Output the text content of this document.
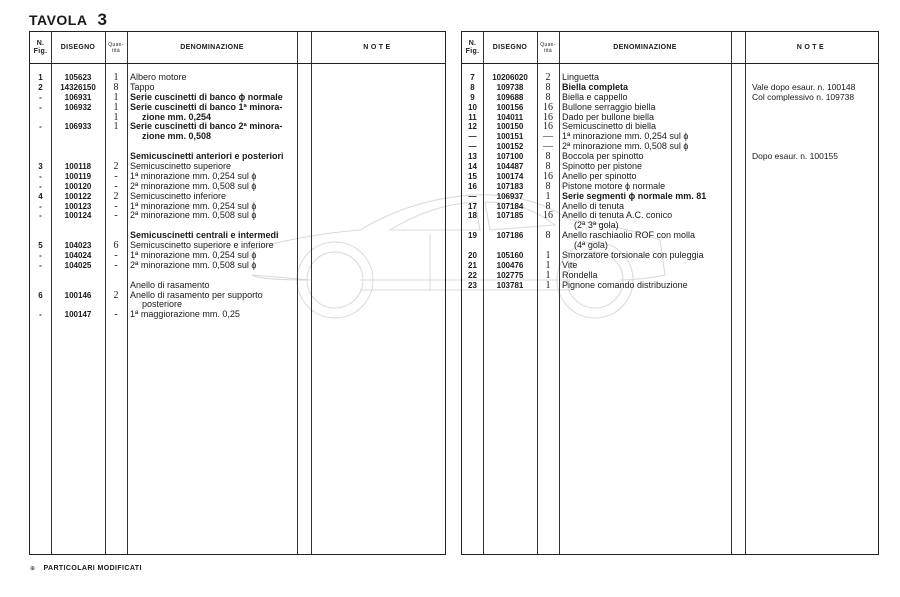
TAVOLA 3
N.
Fig.
DISEGNO	Quan-
tità	DENOMINAZIONE	NOTE
1	105623	1	Albero motore
2	14326150	8	Tappo
-	106931	1	Serie cuscinetti di banco ϕ normale
-	106932	1	Serie cuscinetti di banco 1ª minora-
1	zione mm. 0,254
-	106933	1	Serie cuscinetti di banco 2ª minora-
zione mm. 0,508
Semicuscinetti anteriori e posteriori
3	100118	2	Semicuscinetto superiore
-	100119	-	1ª minorazione mm. 0,254 sul ϕ
-	100120	-	2ª minorazione mm. 0,508 sul ϕ
4	100122	2	Semicuscinetto inferiore
-	100123	-	1ª minorazione mm. 0,254 sul ϕ
-	100124	-	2ª minorazione mm. 0,508 sul ϕ
Semicuscinetti centrali e intermedi
5	104023	6	Semicuscinetto superiore e inferiore
-	104024	-	1ª minorazione mm. 0,254 sul ϕ
-	104025	-	2ª minorazione mm. 0,508 sul ϕ
Anello di rasamento
6	100146	2	Anello di rasamento per supporto
posteriore
-	100147	-	1ª maggiorazione mm. 0,25
N.
Fig.
DISEGNO	Quan-
tità	DENOMINAZIONE	NOTE
7	10206020	2	Linguetta
8	109738	8	Biella completa	Vale dopo esaur. n. 100148
9	109688	8	Biella e cappello	Col complessivo n. 109738
10	100156	16	Bullone serraggio biella
11	104011	16	Dado per bullone biella
12	100150	16	Semicuscinetto di biella
—	100151	—	1ª minorazione mm. 0,254 sul ϕ
—	100152	—	2ª minorazione mm. 0,508 sul ϕ
13	107100	8	Boccola per spinotto	Dopo esaur. n. 100155
14	104487	8	Spinotto per pistone
15	100174	16	Anello per spinotto
16	107183	8	Pistone motore ϕ normale
—	106937	1	Serie segmenti ϕ normale mm. 81
17	107184	8	Anello di tenuta
18	107185	16	Anello di tenuta A.C. conico
(2ª 3ª gola)
19	107186	8	Anello raschiaolio ROF con molla
(4ª gola)
20	105160	1	Smorzatore torsionale con puleggia
21	100476	1	Vite
22	102775	1	Rondella
23	103781	1	Pignone comando distribuzione
⊕ PARTICOLARI MODIFICATI
